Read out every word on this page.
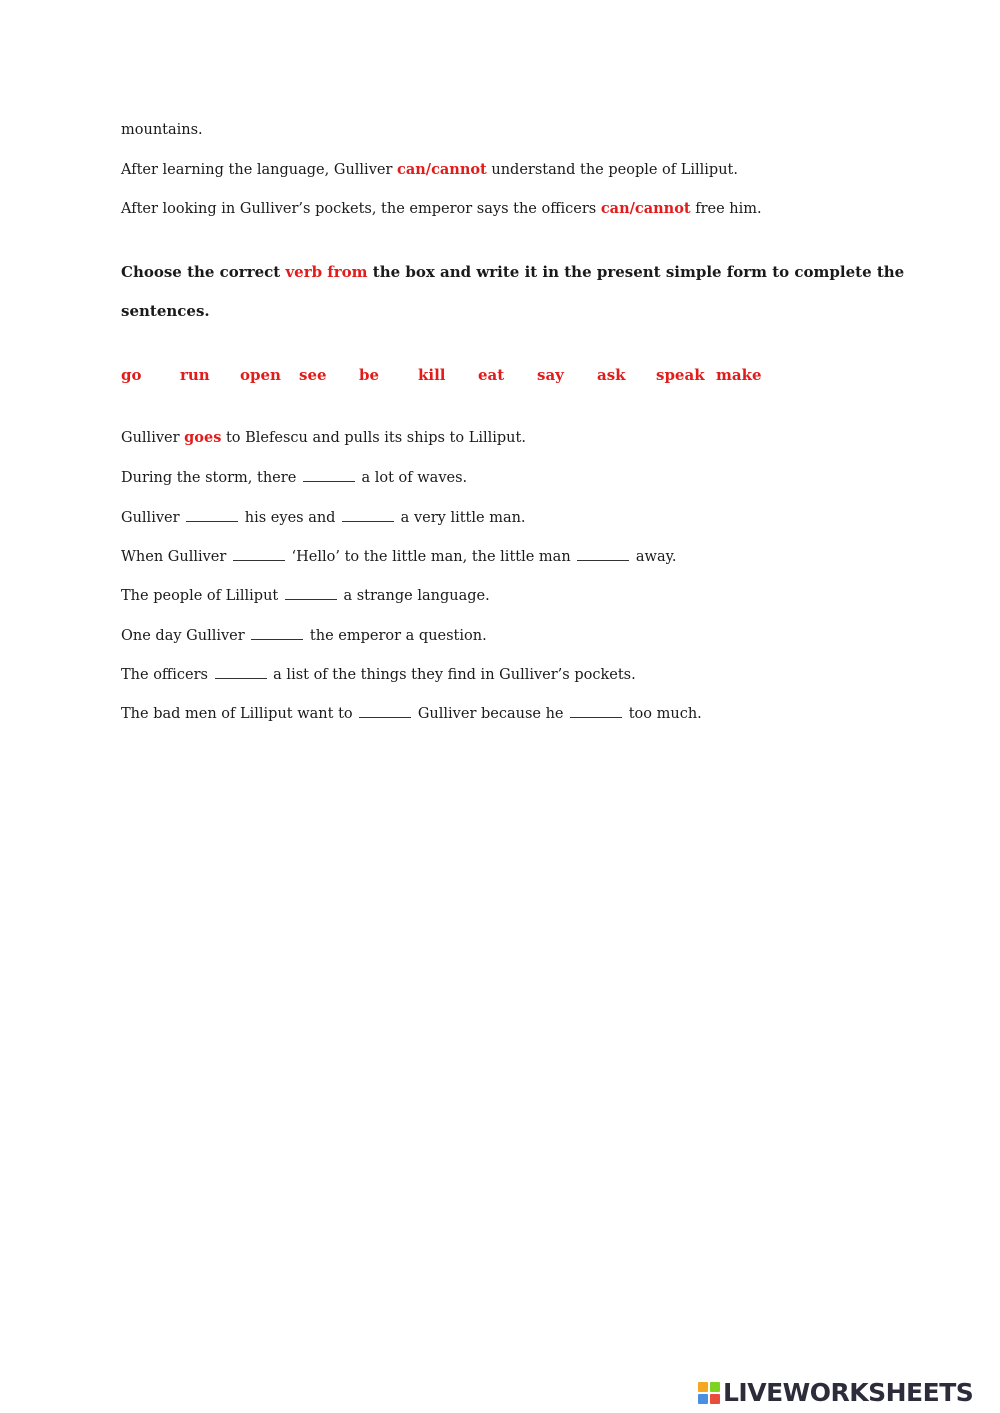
mountains.
After learning the language, Gulliver can/cannot understand the people of Lilliput.
After looking in Gulliver’s pockets, the emperor says the officers can/cannot free him.
Choose the correct verb from the box and write it in the present simple form to complete the
sentences.
go	run open see be	kill eat say ask speak make
Gulliver goes to Blefescu and pulls its ships to Lilliput.
During the storm, there	a lot of waves.
Gulliver	his eyes and	a very little man.
When Gulliver	‘Hello’ to the little man, the little man	away.
The people of Lilliput	a strange language.
One day Gulliver	the emperor a question.
The officers	a list of the things they find in Gulliver’s pockets.
The bad men of Lilliput want to	Gulliver because he	too much.
LIVEWORKSHEETS
